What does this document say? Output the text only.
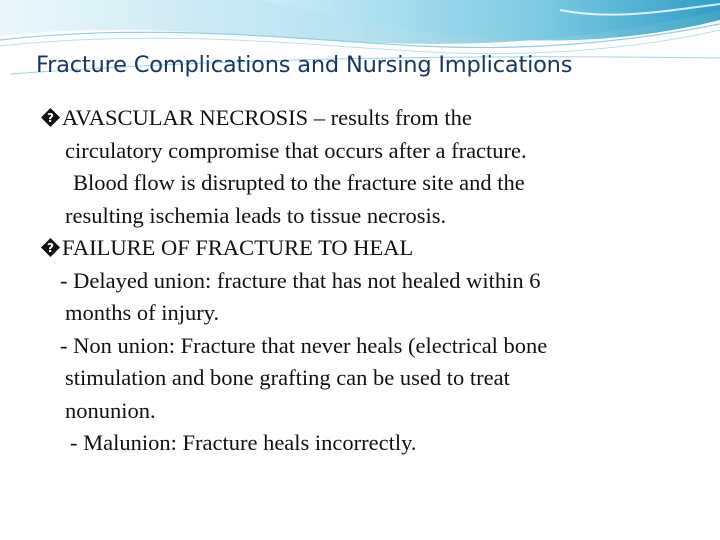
Fracture Complications and Nursing Implications

? AVASCULAR NECROSIS – results from the

circulatory compromise that occurs after a fracture.

Blood flow is disrupted to the fracture site and the

resulting ischemia leads to tissue necrosis.

? FAILURE OF FRACTURE TO HEAL

- Delayed union: fracture that has not healed within 6

months of injury.

- Non union: Fracture that never heals (electrical bone

stimulation and bone grafting can be used to treat

nonunion.

- Malunion: Fracture heals incorrectly.
